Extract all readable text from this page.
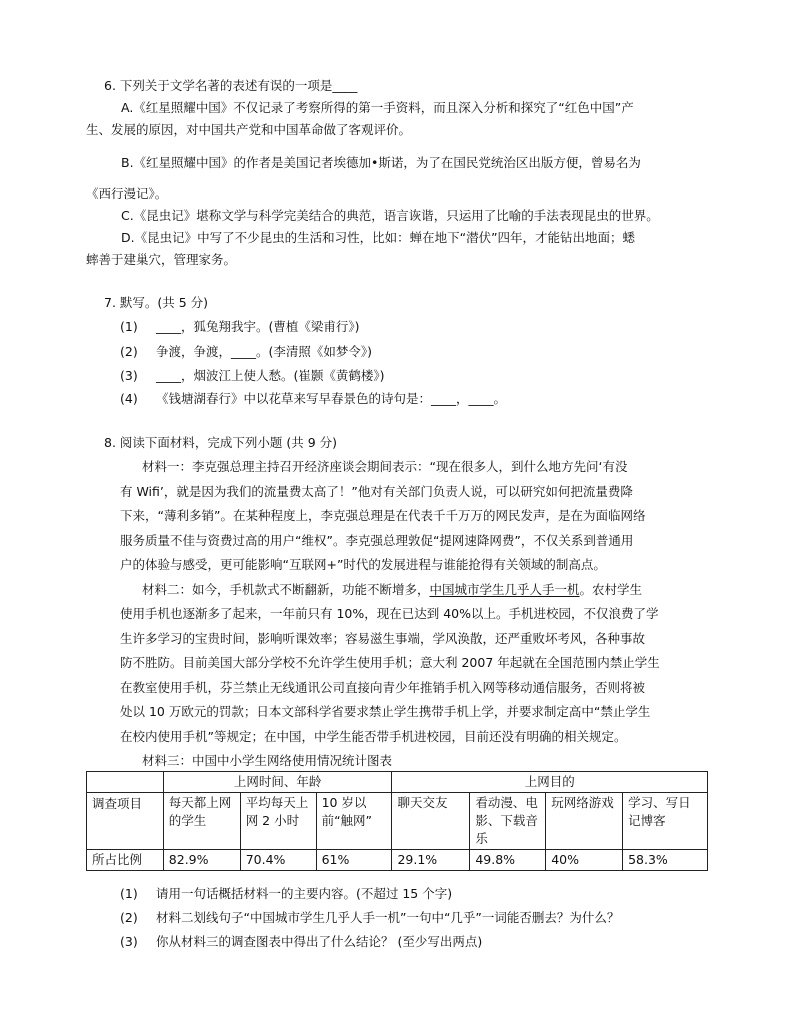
6. 下列关于文学名著的表述有误的一项是____
A.《红星照耀中国》不仅记录了考察所得的第一手资料，而且深入分析和探究了“红色中国”产
生、发展的原因，对中国共产党和中国革命做了客观评价。
B.《红星照耀中国》的作者是美国记者埃德加•斯诺，为了在国民党统治区出版方便，曾易名为
《西行漫记》。
C.《昆虫记》堪称文学与科学完美结合的典范，语言诙谐，只运用了比喻的手法表现昆虫的世界。
D.《昆虫记》中写了不少昆虫的生活和习性，比如：蝉在地下“潜伏”四年，才能钻出地面；蟋
蟀善于建巢穴，管理家务。
7. 默写。(共 5 分)
(1) ____，狐兔翔我宇。(曹植《梁甫行》)
(2) 争渡，争渡，____。(李清照《如梦令》)
(3) ____，烟波江上使人愁。(崔颢《黄鹤楼》)
(4) 《钱塘湖春行》中以花草来写早春景色的诗句是：____，____。
8. 阅读下面材料，完成下列小题 (共 9 分)
材料一：李克强总理主持召开经济座谈会期间表示：“现在很多人，到什么地方先问‘有没
有 Wifi’，就是因为我们的流量费太高了！”他对有关部门负责人说，可以研究如何把流量费降
下来，“薄利多销”。在某种程度上，李克强总理是在代表千千万万的网民发声，是在为面临网络
服务质量不佳与资费过高的用户“维权”。李克强总理敦促“提网速降网费”，不仅关系到普通用
户的体验与感受，更可能影响“互联网+”时代的发展进程与谁能抢得有关领域的制高点。
材料二：如今，手机款式不断翻新，功能不断增多，中国城市学生几乎人手一机。农村学生
使用手机也逐渐多了起来，一年前只有 10%，现在已达到 40%以上。手机进校园，不仅浪费了学
生许多学习的宝贵时间，影响听课效率；容易滋生事端，学风涣散，还严重败坏考风，各种事故
防不胜防。目前美国大部分学校不允许学生使用手机；意大利 2007 年起就在全国范围内禁止学生
在教室使用手机，芬兰禁止无线通讯公司直接向青少年推销手机入网等移动通信服务，否则将被
处以 10 万欧元的罚款；日本文部科学省要求禁止学生携带手机上学，并要求制定高中“禁止学生
在校内使用手机”等规定；在中国，中学生能否带手机进校园，目前还没有明确的相关规定。
材料三：中国中小学生网络使用情况统计图表
	上网时间、年龄			上网目的			
调查项目	每天都上网的学生	平均每天上网 2 小时	10 岁以前“触网”	聊天交友	看动漫、电影、下载音乐	玩网络游戏	学习、写日记博客
所占比例	82.9%	70.4%	61%	29.1%	49.8%	40%	58.3%
(1) 请用一句话概括材料一的主要内容。(不超过 15 个字)
(2) 材料二划线句子“中国城市学生几乎人手一机”一句中“几乎”一词能否删去？为什么？
(3) 你从材料三的调查图表中得出了什么结论？ (至少写出两点)
